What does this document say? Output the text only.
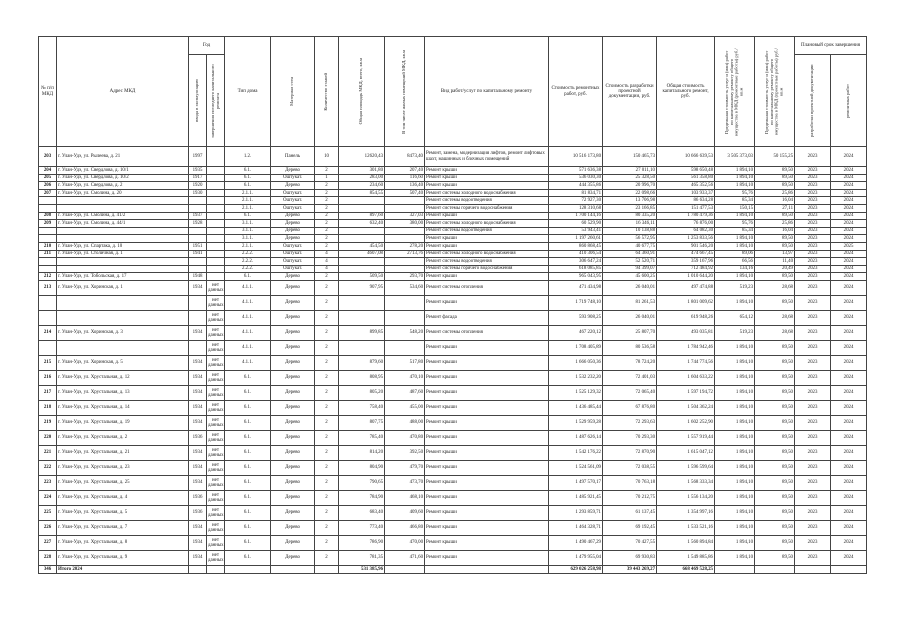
№ п/п МКД	Адрес МКД	Год		Тип дома	Материал стен	Количество этажей	Общая площадь МКД, всего, кв.м	В том числе жилых помещений МКД, кв.м	Вид работ/услуг по капитальному ремонту	Стоимость ремонтных работ, руб.	Стоимость разработки проектной документации, руб.	Общая стоимость капитального ремонт, руб.	Предельная стоимость услуг и (или) работ по капитальному ремонту общего имущества в МКД (ремонтные работы) руб./кв.м	Предельная стоимость услуг и (или) работ по капитальному ремонту общего имущества в МКД (проектные работы) руб./кв.м	Плановый срок завершения	

		ввода в эксплуатацию	завершения последнего капитального ремонта												разработки проектной документации	ремонтных работ

203	г. Улан-Удэ, ул. Рылеева, д. 21	1997		1.2.	Панель	10	12620,43	8473,40	Ремонт, замена, модернизация лифтов, ремонт лифтовых шахт, машинных и блочных помещений	10 516 173,80	150 465,73	10 666 639,53	3 505 373,03	50 155,25	2023	2024
204	г. Улан-Удэ, ул. Свердлова, д. 10/1	1935		6.1.	Дерево	2	301,80	207,40	Ремонт крыши	571 636,38	27 011,10	598 650,48	1 894,10	89,50	2023	2024
205	г. Улан-Удэ, ул. Свердлова, д. 10/2	1917		6.1.	Оштукат.	1	283,00	116,60	Ремонт крыши	536 030,30	25 328,50	561 358,80	1 894,10	89,50	2023	2024
206	г. Улан-Удэ, ул. Свердлова, д. 2	1920		6.1.	Дерево	2	234,60	136,40	Ремонт крыши	444 355,86	20 996,70	465 352,56	1 894,10	89,50	2023	2024
207	г. Улан-Удэ, ул. Смолина, д. 20	1930		2.1.1.	Оштукат.	2	854,55	507,40	Ремонт системы холодного водоснабжения	81 834,71	22 098,66	103 933,37	95,76	25,86	2023	2024
				2.1.1.	Оштукат.	2			Ремонт системы водоотведения	72 927,30	13 706,98	86 634,28	85,34	16,04	2023	2024
				2.1.1.	Оштукат.	2			Ремонт системы горячего водоснабжения	128 310,68	23 166,85	151 477,53	150,15	27,11	2023	2024
208	г. Улан-Удэ, ул. Смолина, д. 41/2	1937		6.1.	Дерево	2	897,60	327,03	Ремонт крыши	1 700 144,16	80 335,20	1 780 479,36	1 894,10	89,50	2023	2024
209	г. Улан-Удэ, ул. Смолина, д. 44/1	1928		3.1.1.	Дерево	2	632,40	380,00	Ремонт системы холодного водоснабжения	60 529,90	16 346,11	76 876,00	95,76	25,86	2023	2024
				3.1.1.	Дерево	2			Ремонт системы водоотведения	53 943,41	10 138,88	64 082,30	85,34	16,04	2023	2024
				3.1.1.	Дерево	2			Ремонт крыши	1 197 260,61	56 572,95	1 253 833,56	1 894,10	89,50	2023	2024
210	г. Улан-Удэ, ул. Спартака, д. 10	1951		2.1.1.	Оштукат.	2	454,50	278,20	Ремонт крыши	860 868,45	40 677,75	901 546,20	1 894,10	89,50	2023	2025
211	г. Улан-Удэ, ул. Столичная, д. 1	1941		2.2.2.	Оштукат.	4	4607,08	2713,76	Ремонт системы холодного водоснабжения	410 306,54	64 360,91	474 667,45	89,06	13,97	2023	2024
				2.2.2.	Оштукат.	4			Ремонт системы водоотведения	306 647,24	52 520,71	359 167,96	66,56	11,40	2023	2024
				2.2.2.	Оштукат.	4			Ремонт системы горячего водоснабжения	618 085,85	94 399,07	712 484,92	134,16	20,49	2023	2024
212	г. Улан-Удэ, ул. Тобольская, д. 17	1948		6.1.	Дерево	2	509,50	293,70	Ремонт крыши	965 043,95	45 600,25	1 010 644,20	1 894,10	89,50	2023	2024
213	г. Улан-Удэ, ул. Хоринская, д. 1	1934	нет данных	4.1.1.	Дерево	2	907,95	534,60	Ремонт системы отопления	471 434,98	26 040,01	497 474,88	519,23	28,68	2023	2024
			нет данных	4.1.1.	Дерево	2			Ремонт крыши	1 719 748,10	81 261,53	1 801 009,62	1 894,10	89,50	2023	2024
			нет данных	4.1.1.	Дерево	2			Ремонт фасада	593 908,25	26 040,01	619 948,26	654,12	28,68	2023	2024
214	г. Улан-Удэ, ул. Хоринская, д. 3	1934	нет данных	4.1.1.	Дерево	2	899,85	548,20	Ремонт системы отопления	467 220,12	25 807,70	493 035,81	519,23	28,68	2023	2024
			нет данных	4.1.1.	Дерево	2			Ремонт крыши	1 708 405,89	80 536,58	1 784 942,46	1 894,10	89,50	2023	2024
215	г. Улан-Удэ, ул. Хоринская, д. 5	1934	нет данных	4.1.1.	Дерево	2	879,60	517,80	Ремонт крыши	1 666 050,36	78 724,20	1 744 774,56	1 894,10	89,50	2023	2024
216	г. Улан-Удэ, ул. Хрустальная, д. 12	1934	нет данных	6.1.	Дерево	2	808,95	470,10	Ремонт крыши	1 532 232,20	72 401,03	1 604 633,22	1 894,10	89,50	2023	2024
217	г. Улан-Удэ, ул. Хрустальная, д. 13	1934	нет данных	6.1.	Дерево	2	805,20	487,60	Ремонт крыши	1 525 129,32	72 065,40	1 597 194,72	1 894,10	89,50	2023	2024
218	г. Улан-Удэ, ул. Хрустальная, д. 14	1934	нет данных	6.1.	Дерево	2	758,40	455,00	Ремонт крыши	1 436 485,44	67 876,80	1 504 362,24	1 894,10	89,50	2023	2024
219	г. Улан-Удэ, ул. Хрустальная, д. 19	1934	нет данных	6.1.	Дерево	2	807,75	488,00	Ремонт крыши	1 529 959,28	72 293,63	1 602 252,90	1 894,10	89,50	2023	2024
220	г. Улан-Удэ, ул. Хрустальная, д. 2	1936	нет данных	6.1.	Дерево	2	785,40	470,80	Ремонт крыши	1 487 626,14	70 293,30	1 557 919,44	1 894,10	89,50	2023	2024
221	г. Улан-Удэ, ул. Хрустальная, д. 21	1934	нет данных	6.1.	Дерево	2	814,20	392,50	Ремонт крыши	1 542 176,22	72 870,90	1 615 047,12	1 894,10	89,50	2023	2024
222	г. Улан-Удэ, ул. Хрустальная, д. 23	1934	нет данных	6.1.	Дерево	2	804,90	479,70	Ремонт крыши	1 524 561,09	72 038,55	1 596 599,64	1 894,10	89,50	2023	2024
223	г. Улан-Удэ, ул. Хрустальная, д. 25	1934	нет данных	6.1.	Дерево	2	790,65	473,70	Ремонт крыши	1 497 570,17	70 763,18	1 568 333,34	1 894,10	89,50	2023	2024
224	г. Улан-Удэ, ул. Хрустальная, д. 4	1936	нет данных	6.1.	Дерево	2	784,90	468,10	Ремонт крыши	1 485 921,45	70 212,75	1 556 134,20	1 894,10	89,50	2023	2024
225	г. Улан-Удэ, ул. Хрустальная, д. 5	1936	нет данных	6.1.	Дерево	2	683,40	409,60	Ремонт крыши	1 293 859,71	61 137,45	1 354 997,16	1 894,10	89,50	2023	2024
226	г. Улан-Удэ, ул. Хрустальная, д. 7	1934	нет данных	6.1.	Дерево	2	773,40	466,80	Ремонт крыши	1 464 328,71	69 192,45	1 533 521,16	1 894,10	89,50	2023	2024
227	г. Улан-Удэ, ул. Хрустальная, д. 8	1934	нет данных	6.1.	Дерево	2	786,90	470,00	Ремонт крыши	1 490 467,29	70 427,55	1 560 894,84	1 894,10	89,50	2023	2024
228	г. Улан-Удэ, ул. Хрустальная, д. 9	1934	нет данных	6.1.	Дерево	2	781,35	471,60	Ремонт крыши	1 479 955,04	69 930,83	1 549 885,86	1 894,10	89,50	2023	2024
346	Итого 2024						531 385,96			629 026 258,98	39 443 269,27	668 469 528,25				
